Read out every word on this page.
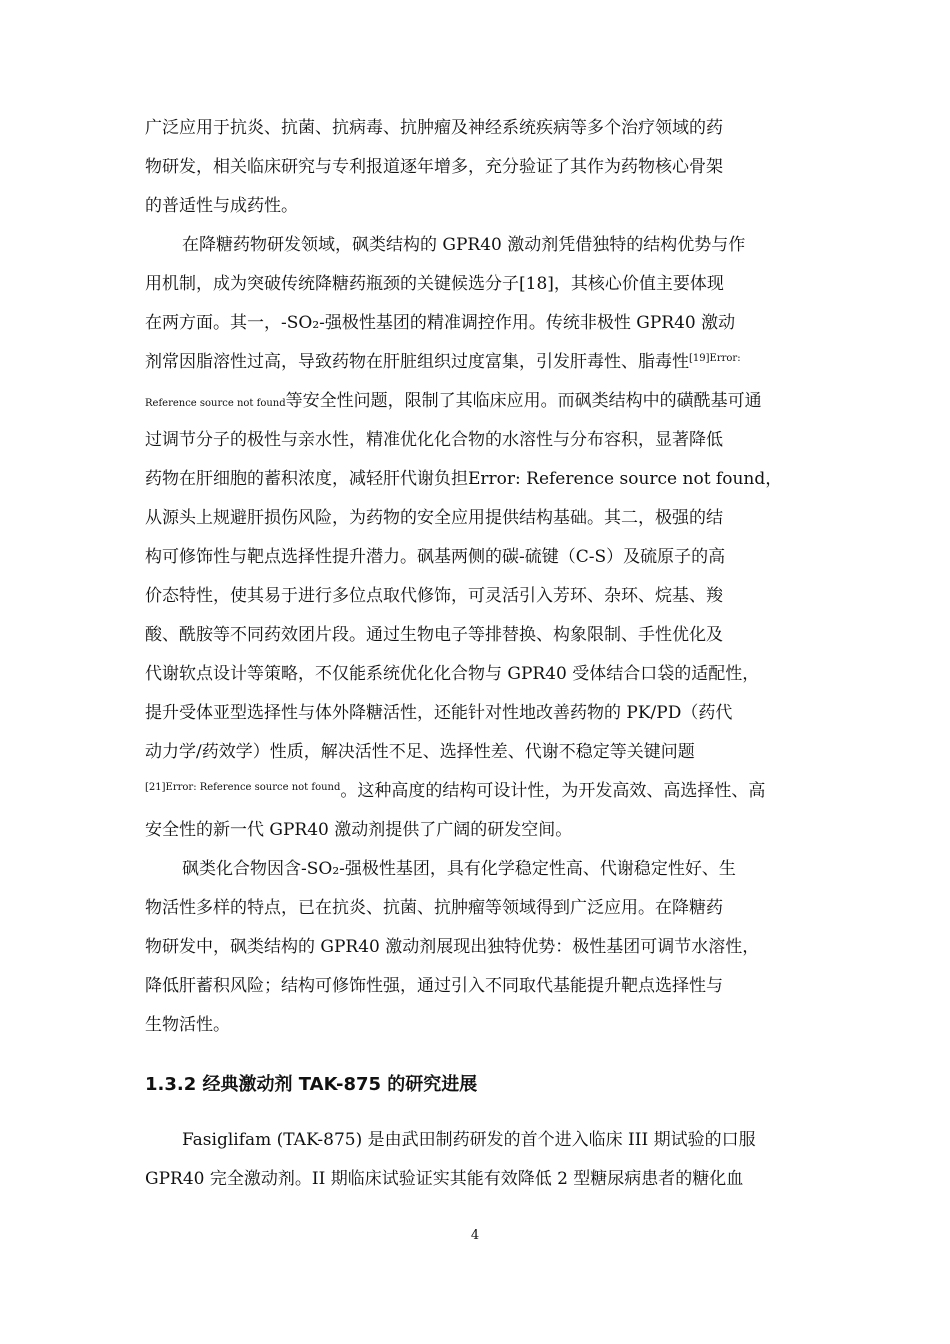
广泛应用于抗炎、抗菌、抗病毒、抗肿瘤及神经系统疾病等多个治疗领域的药
物研发，相关临床研究与专利报道逐年增多，充分验证了其作为药物核心骨架
的普适性与成药性。
在降糖药物研发领域，砜类结构的 GPR40 激动剂凭借独特的结构优势与作
用机制，成为突破传统降糖药瓶颈的关键候选分子[18]，其核心价值主要体现
在两方面。其一，-SO₂-强极性基团的精准调控作用。传统非极性 GPR40 激动
剂常因脂溶性过高，导致药物在肝脏组织过度富集，引发肝毒性、脂毒性$^{[19]Error:}$
Reference source not found等安全性问题，限制了其临床应用。而砜类结构中的磺酰基可通
过调节分子的极性与亲水性，精准优化化合物的水溶性与分布容积，显著降低
药物在肝细胞的蓄积浓度，减轻肝代谢负担Error: Reference source not found，
从源头上规避肝损伤风险，为药物的安全应用提供结构基础。其二，极强的结
构可修饰性与靶点选择性提升潜力。砜基两侧的碳-硫键（C-S）及硫原子的高
价态特性，使其易于进行多位点取代修饰，可灵活引入芳环、杂环、烷基、羧
酸、酰胺等不同药效团片段。通过生物电子等排替换、构象限制、手性优化及
代谢软点设计等策略，不仅能系统优化化合物与 GPR40 受体结合口袋的适配性，
提升受体亚型选择性与体外降糖活性，还能针对性地改善药物的 PK/PD（药代
动力学/药效学）性质，解决活性不足、选择性差、代谢不稳定等关键问题
$^{[21]Error: Reference source not found}$。这种高度的结构可设计性，为开发高效、高选择性、高
安全性的新一代 GPR40 激动剂提供了广阔的研发空间。
砜类化合物因含-SO₂-强极性基团，具有化学稳定性高、代谢稳定性好、生
物活性多样的特点，已在抗炎、抗菌、抗肿瘤等领域得到广泛应用。在降糖药
物研发中，砜类结构的 GPR40 激动剂展现出独特优势：极性基团可调节水溶性，
降低肝蓄积风险；结构可修饰性强，通过引入不同取代基能提升靶点选择性与
生物活性。
1.3.2 经典激动剂 TAK-875 的研究进展
Fasiglifam (TAK-875) 是由武田制药研发的首个进入临床 III 期试验的口服
GPR40 完全激动剂。II 期临床试验证实其能有效降低 2 型糖尿病患者的糖化血
4
